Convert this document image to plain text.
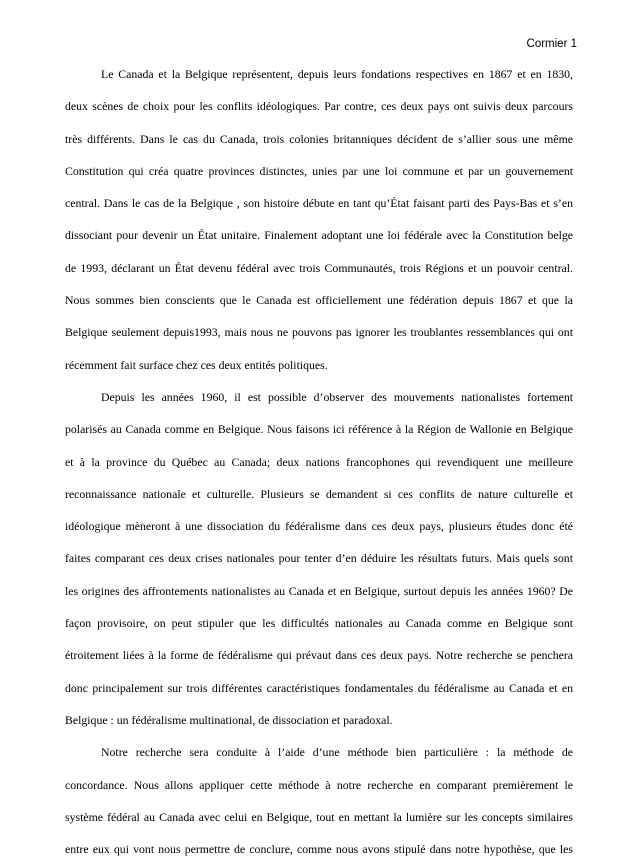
Cormier 1
Le Canada et la Belgique représentent, depuis leurs fondations respectives en 1867 et en 1830,
deux scènes de choix pour les conflits idéologiques. Par contre, ces deux pays ont suivis deux parcours
très différents. Dans le cas du Canada, trois colonies britanniques décident de s’allier sous une même
Constitution qui créa quatre provinces distinctes, unies par une loi commune et par un gouvernement
central. Dans le cas de la Belgique , son histoire débute en tant qu’État faisant parti des Pays-Bas et s’en
dissociant pour devenir un État unitaire. Finalement adoptant une loi fédérale avec la Constitution belge
de 1993, déclarant un État devenu fédéral avec trois Communautés, trois Régions et un pouvoir central.
Nous sommes bien conscients que le Canada est officiellement une fédération depuis 1867 et que la
Belgique seulement depuis1993, mais nous ne pouvons pas ignorer les troublantes ressemblances qui ont
récemment fait surface chez ces deux entités politiques.
Depuis les années 1960, il est possible d’observer des mouvements nationalistes fortement
polarisés au Canada comme en Belgique. Nous faisons ici référence à la Région de Wallonie en Belgique
et à la province du Québec au Canada; deux nations francophones qui revendiquent une meilleure
reconnaissance nationale et culturelle. Plusieurs se demandent si ces conflits de nature culturelle et
idéologique mèneront à une dissociation du fédéralisme dans ces deux pays, plusieurs études donc été
faites comparant ces deux crises nationales pour tenter d’en déduire les résultats futurs. Mais quels sont
les origines des affrontements nationalistes au Canada et en Belgique, surtout depuis les années 1960? De
façon provisoire, on peut stipuler que les difficultés nationales au Canada comme en Belgique sont
étroitement liées à la forme de fédéralisme qui prévaut dans ces deux pays. Notre recherche se penchera
donc principalement sur trois différentes caractéristiques fondamentales du fédéralisme au Canada et en
Belgique : un fédéralisme multinational, de dissociation et paradoxal.
Notre recherche sera conduite à l’aide d’une méthode bien particulière : la méthode de
concordance. Nous allons appliquer cette méthode à notre recherche en comparant premièrement le
système fédéral au Canada avec celui en Belgique, tout en mettant la lumière sur les concepts similaires
entre eux qui vont nous permettre de conclure, comme nous avons stipulé dans notre hypothèse, que les
